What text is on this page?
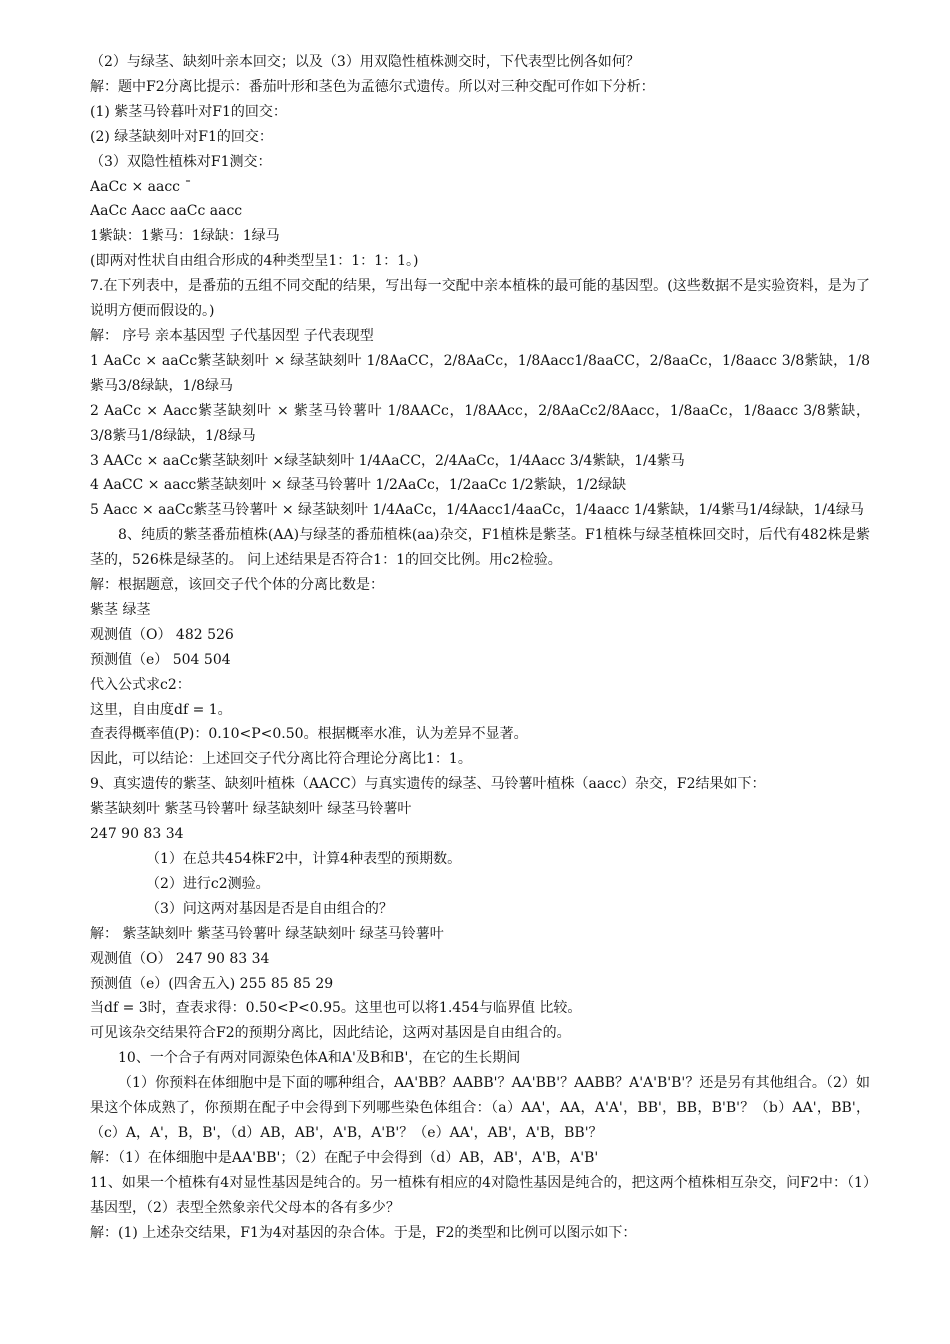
（2）与绿茎、缺刻叶亲本回交；以及（3）用双隐性植株测交时，下代表型比例各如何？
解：题中F2分离比提示：番茄叶形和茎色为孟德尔式遗传。所以对三种交配可作如下分析：
(1) 紫茎马铃暮叶对F1的回交：
(2) 绿茎缺刻叶对F1的回交：
（3）双隐性植株对F1测交：
AaCc × aacc ¯
AaCc Aacc aaCc aacc
1紫缺：1紫马：1绿缺：1绿马
(即两对性状自由组合形成的4种类型呈1：1：1：1。)
7.在下列表中，是番茄的五组不同交配的结果，写出每一交配中亲本植株的最可能的基因型。(这些数据不是实验资料，是为了说明方便而假设的。)
解： 序号 亲本基因型 子代基因型 子代表现型
1 AaCc × aaCc紫茎缺刻叶 × 绿茎缺刻叶 1/8AaCC，2/8AaCc，1/8Aacc1/8aaCC，2/8aaCc，1/8aacc 3/8紫缺，1/8紫马3/8绿缺，1/8绿马
2 AaCc × Aacc紫茎缺刻叶 × 紫茎马铃薯叶 1/8AACc，1/8AAcc，2/8AaCc2/8Aacc，1/8aaCc，1/8aacc 3/8紫缺，3/8紫马1/8绿缺，1/8绿马
3 AACc × aaCc紫茎缺刻叶 ×绿茎缺刻叶 1/4AaCC，2/4AaCc，1/4Aacc 3/4紫缺，1/4紫马
4 AaCC × aacc紫茎缺刻叶 × 绿茎马铃薯叶 1/2AaCc，1/2aaCc 1/2紫缺，1/2绿缺
5 Aacc × aaCc紫茎马铃薯叶 × 绿茎缺刻叶 1/4AaCc，1/4Aacc1/4aaCc，1/4aacc 1/4紫缺，1/4紫马1/4绿缺，1/4绿马
8、纯质的紫茎番茄植株(AA)与绿茎的番茄植株(aa)杂交，F1植株是紫茎。F1植株与绿茎植株回交时，后代有482株是紫茎的，526株是绿茎的。 问上述结果是否符合1：1的回交比例。用c2检验。
解：根据题意，该回交子代个体的分离比数是：
紫茎 绿茎
观测值（O） 482 526
预测值（e） 504 504
代入公式求c2：
这里，自由度df = 1。
查表得概率值(P)：0.10<P<0.50。根据概率水准，认为差异不显著。
因此，可以结论：上述回交子代分离比符合理论分离比1：1。
9、真实遗传的紫茎、缺刻叶植株（AACC）与真实遗传的绿茎、马铃薯叶植株（aacc）杂交，F2结果如下：
紫茎缺刻叶 紫茎马铃薯叶 绿茎缺刻叶 绿茎马铃薯叶
247 90 83 34
（1）在总共454株F2中，计算4种表型的预期数。
（2）进行c2测验。
（3）问这两对基因是否是自由组合的？
解： 紫茎缺刻叶 紫茎马铃薯叶 绿茎缺刻叶 绿茎马铃薯叶
观测值（O） 247 90 83 34
预测值（e）(四舍五入) 255 85 85 29
当df = 3时，查表求得：0.50<P<0.95。这里也可以将1.454与临界值 比较。
可见该杂交结果符合F2的预期分离比，因此结论，这两对基因是自由组合的。
10、一个合子有两对同源染色体A和A'及B和B'，在它的生长期间
（1）你预料在体细胞中是下面的哪种组合，AA'BB？AABB'？AA'BB'？AABB？A'A'B'B'？还是另有其他组合。（2）如果这个体成熟了，你预期在配子中会得到下列哪些染色体组合：（a）AA'，AA，A'A'，BB'，BB，B'B'？（b）AA'，BB'，（c）A，A'，B，B'，（d）AB，AB'，A'B，A'B'？（e）AA'，AB'，A'B，BB'？
解：（1）在体细胞中是AA'BB'；（2）在配子中会得到（d）AB，AB'，A'B，A'B'
11、如果一个植株有4对显性基因是纯合的。另一植株有相应的4对隐性基因是纯合的，把这两个植株相互杂交，问F2中：（1）基因型，（2）表型全然象亲代父母本的各有多少？
解：(1) 上述杂交结果，F1为4对基因的杂合体。于是，F2的类型和比例可以图示如下：
